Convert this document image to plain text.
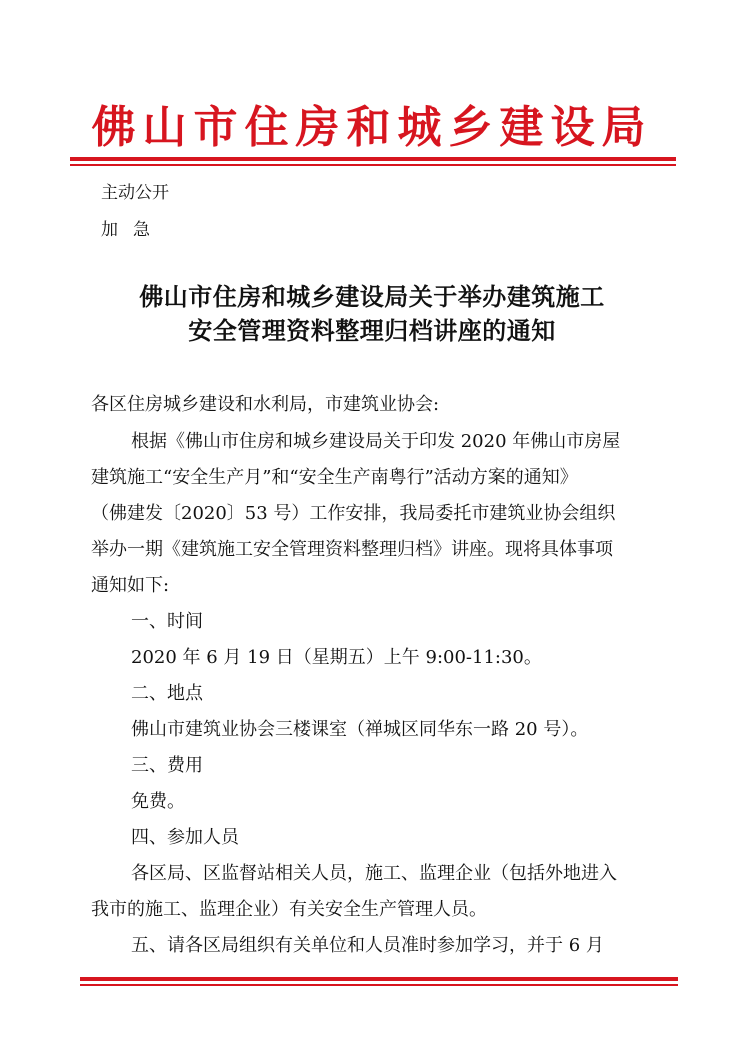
佛山市住房和城乡建设局
主动公开
加急
佛山市住房和城乡建设局关于举办建筑施工
安全管理资料整理归档讲座的通知
各区住房城乡建设和水利局，市建筑业协会:
根据《佛山市住房和城乡建设局关于印发 2020 年佛山市房屋
建筑施工“安全生产月”和“安全生产南粤行”活动方案的通知》
（佛建发〔2020〕53 号）工作安排，我局委托市建筑业协会组织
举办一期《建筑施工安全管理资料整理归档》讲座。现将具体事项
通知如下:
一、时间
2020 年 6 月 19 日（星期五）上午 9:00-11:30。
二、地点
佛山市建筑业协会三楼课室（禅城区同华东一路 20 号）。
三、费用
免费。
四、参加人员
各区局、区监督站相关人员，施工、监理企业（包括外地进入
我市的施工、监理企业）有关安全生产管理人员。
五、请各区局组织有关单位和人员准时参加学习，并于 6 月
